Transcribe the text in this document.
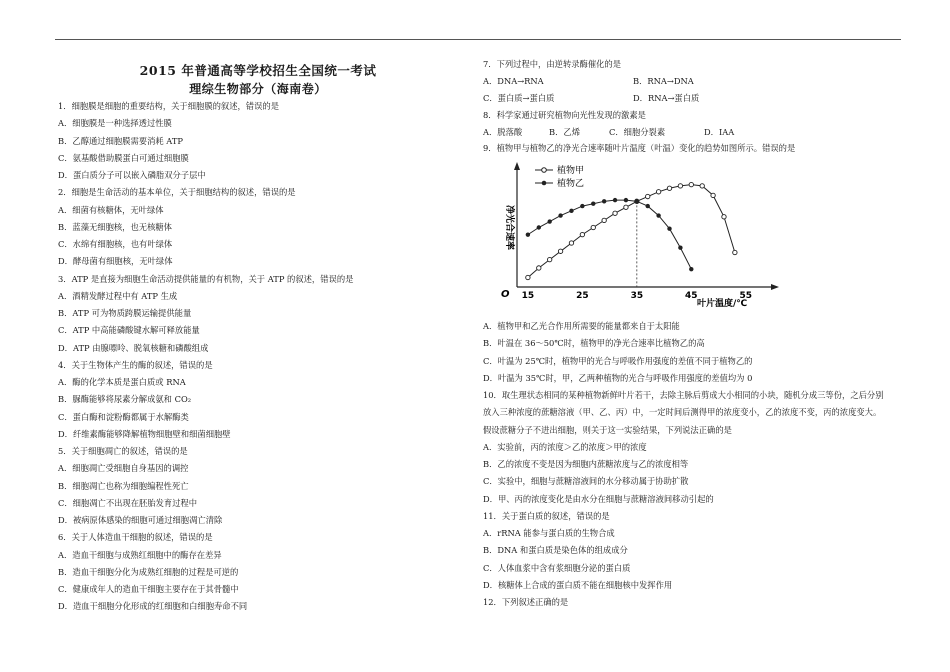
2015 年普通高等学校招生全国统一考试
理综生物部分（海南卷）
1．细胞膜是细胞的重要结构，关于细胞膜的叙述，错误的是
A．细胞膜是一种选择透过性膜
B．乙醇通过细胞膜需要消耗 ATP
C．氨基酸借助膜蛋白可通过细胞膜
D．蛋白质分子可以嵌入磷脂双分子层中
2．细胞是生命活动的基本单位，关于细胞结构的叙述，错误的是
A．细菌有核糖体，无叶绿体
B．蓝藻无细胞核，也无核糖体
C．水绵有细胞核，也有叶绿体
D．酵母菌有细胞核，无叶绿体
3．ATP 是直接为细胞生命活动提供能量的有机物，关于 ATP 的叙述，错误的是
A．酒精发酵过程中有 ATP 生成
B．ATP 可为物质跨膜运输提供能量
C．ATP 中高能磷酸键水解可释放能量
D．ATP 由腺嘌呤、脱氧核糖和磷酸组成
4．关于生物体产生的酶的叙述，错误的是
A．酶的化学本质是蛋白质或 RNA
B．脲酶能够将尿素分解成氨和 CO₂
C．蛋白酶和淀粉酶都属于水解酶类
D．纤维素酶能够降解植物细胞壁和细菌细胞壁
5．关于细胞凋亡的叙述，错误的是
A．细胞凋亡受细胞自身基因的调控
B．细胞凋亡也称为细胞编程性死亡
C．细胞凋亡不出现在胚胎发育过程中
D．被病原体感染的细胞可通过细胞凋亡清除
6．关于人体造血干细胞的叙述，错误的是
A．造血干细胞与成熟红细胞中的酶存在差异
B．造血干细胞分化为成熟红细胞的过程是可逆的
C．健康成年人的造血干细胞主要存在于其骨髓中
D．造血干细胞分化形成的红细胞和白细胞寿命不同
7．下列过程中，由逆转录酶催化的是
A．DNA→RNA	B．RNA→DNA
C．蛋白质→蛋白质	D．RNA→蛋白质
8．科学家通过研究植物向光性发现的激素是
A．脱落酸	B．乙烯	C．细胞分裂素	D．IAA
9．植物甲与植物乙的净光合速率随叶片温度（叶温）变化的趋势如图所示。错误的是
A．植物甲和乙光合作用所需要的能量都来自于太阳能
B．叶温在 36～50℃时，植物甲的净光合速率比植物乙的高
C．叶温为 25℃时，植物甲的光合与呼吸作用强度的差值不同于植物乙的
D．叶温为 35℃时，甲，乙两种植物的光合与呼吸作用强度的差值均为 0
10．取生理状态相同的某种植物新鲜叶片若干，去除主脉后剪成大小相同的小块，随机分成三等份，之后分别
放入三种浓度的蔗糖溶液（甲、乙、丙）中，一定时间后测得甲的浓度变小，乙的浓度不变，丙的浓度变大。
假设蔗糖分子不进出细胞，则关于这一实验结果，下列说法正确的是
A．实验前，丙的浓度＞乙的浓度＞甲的浓度
B．乙的浓度不变是因为细胞内蔗糖浓度与乙的浓度相等
C．实验中，细胞与蔗糖溶液间的水分移动属于协助扩散
D．甲、丙的浓度变化是由水分在细胞与蔗糖溶液间移动引起的
11．关于蛋白质的叙述，错误的是
A．rRNA 能参与蛋白质的生物合成
B．DNA 和蛋白质是染色体的组成成分
C．人体血浆中含有浆细胞分泌的蛋白质
D．核糖体上合成的蛋白质不能在细胞核中发挥作用
12．下列叙述正确的是
O
净光合速率
叶片温度/℃
植物甲
植物乙
15	25	35	45	55
